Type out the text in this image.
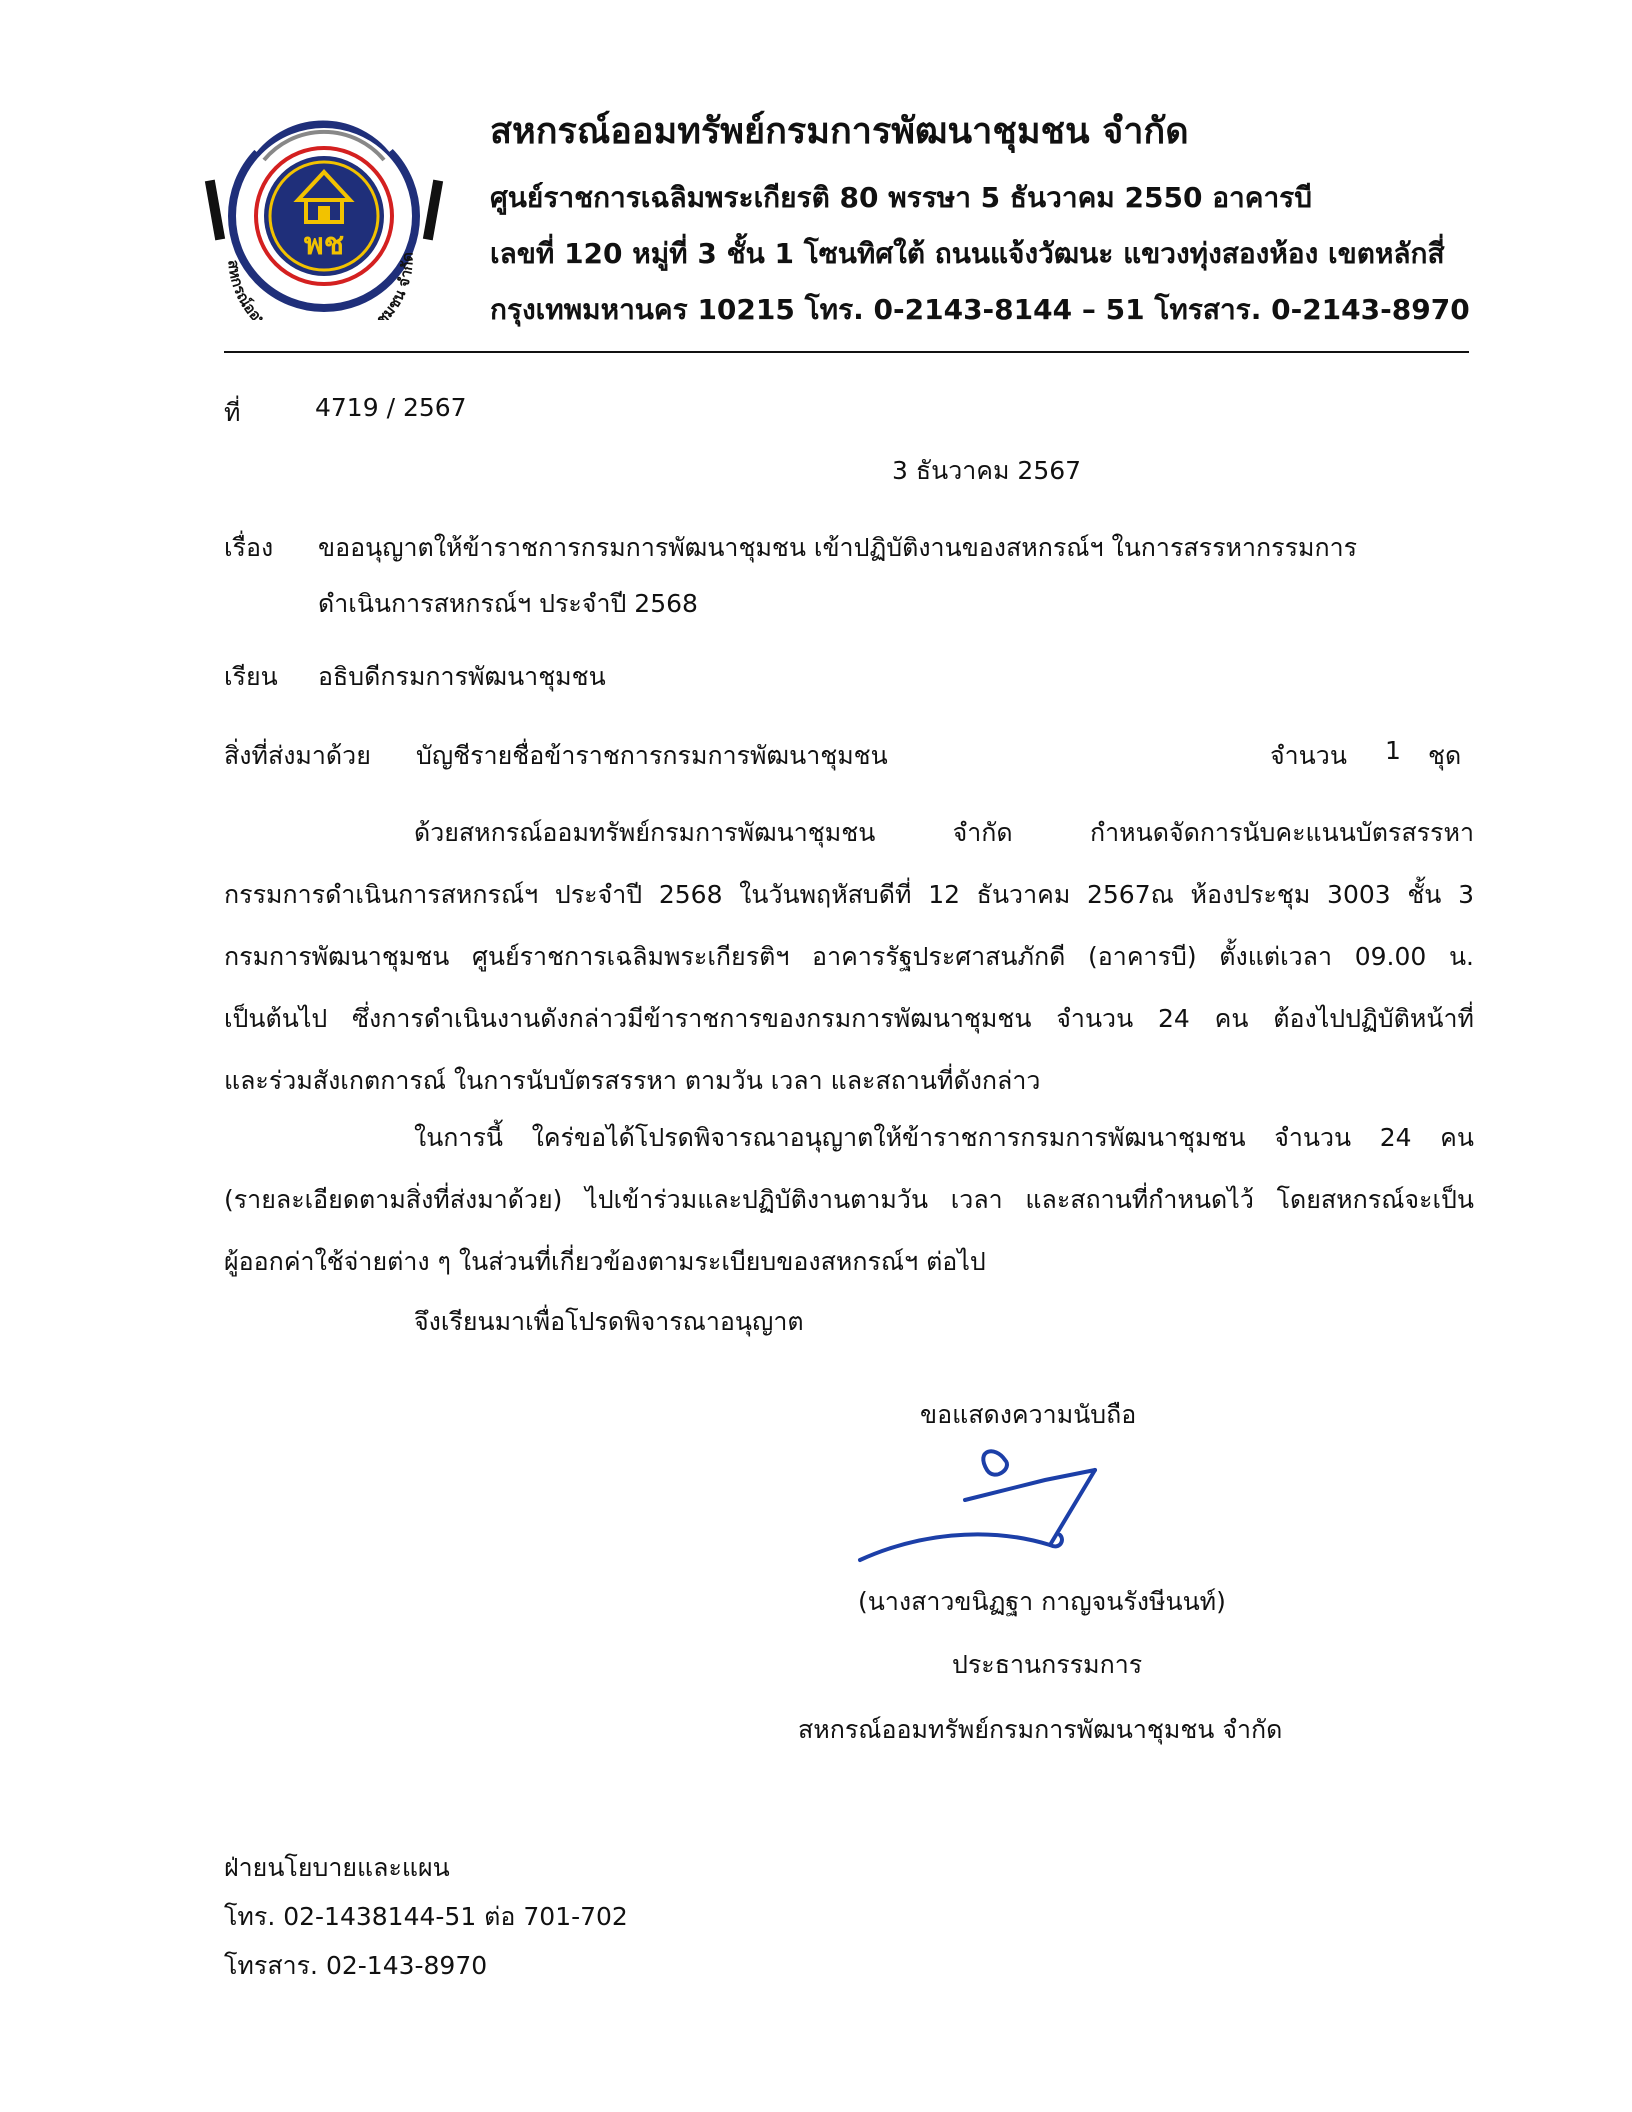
พช
สหกรณ์ออ ชุมชน จำกัด
สหกรณ์ออมทรัพย์กรมการพัฒนาชุมชน จำกัด
ศูนย์ราชการเฉลิมพระเกียรติ 80 พรรษา 5 ธันวาคม 2550 อาคารบี
เลขที่ 120 หมู่ที่ 3 ชั้น 1 โซนทิศใต้ ถนนแจ้งวัฒนะ แขวงทุ่งสองห้อง เขตหลักสี่
กรุงเทพมหานคร 10215 โทร. 0-2143-8144 – 51 โทรสาร. 0-2143-8970
ที่	4719 / 2567
3 ธันวาคม 2567
เรื่อง ขออนุญาตให้ข้าราชการกรมการพัฒนาชุมชน เข้าปฏิบัติงานของสหกรณ์ฯ ในการสรรหากรรมการ
ดำเนินการสหกรณ์ฯ ประจำปี 2568
เรียน อธิบดีกรมการพัฒนาชุมชน
สิ่งที่ส่งมาด้วย บัญชีรายชื่อข้าราชการกรมการพัฒนาชุมชน	จำนวน 1 ชุด
ด้วยสหกรณ์ออมทรัพย์กรมการพัฒนาชุมชน จำกัด กำหนดจัดการนับคะแนนบัตรสรรหา
กรรมการดำเนินการสหกรณ์ฯ ประจำปี 2568 ในวันพฤหัสบดีที่ 12 ธันวาคม 2567ณ ห้องประชุม 3003 ชั้น 3
กรมการพัฒนาชุมชน ศูนย์ราชการเฉลิมพระเกียรติฯ อาคารรัฐประศาสนภักดี (อาคารบี) ตั้งแต่เวลา 09.00 น.
เป็นต้นไป ซึ่งการดำเนินงานดังกล่าวมีข้าราชการของกรมการพัฒนาชุมชน จำนวน 24 คน ต้องไปปฏิบัติหน้าที่
และร่วมสังเกตการณ์ ในการนับบัตรสรรหา ตามวัน เวลา และสถานที่ดังกล่าว
ในการนี้ ใคร่ขอได้โปรดพิจารณาอนุญาตให้ข้าราชการกรมการพัฒนาชุมชน จำนวน 24 คน
(รายละเอียดตามสิ่งที่ส่งมาด้วย) ไปเข้าร่วมและปฏิบัติงานตามวัน เวลา และสถานที่กำหนดไว้ โดยสหกรณ์จะเป็น
ผู้ออกค่าใช้จ่ายต่าง ๆ ในส่วนที่เกี่ยวข้องตามระเบียบของสหกรณ์ฯ ต่อไป
จึงเรียนมาเพื่อโปรดพิจารณาอนุญาต
ขอแสดงความนับถือ
(นางสาวขนิฏฐา กาญจนรังษีนนท์)
ประธานกรรมการ
สหกรณ์ออมทรัพย์กรมการพัฒนาชุมชน จำกัด
ฝ่ายนโยบายและแผน
โทร. 02-1438144-51 ต่อ 701-702
โทรสาร. 02-143-8970
